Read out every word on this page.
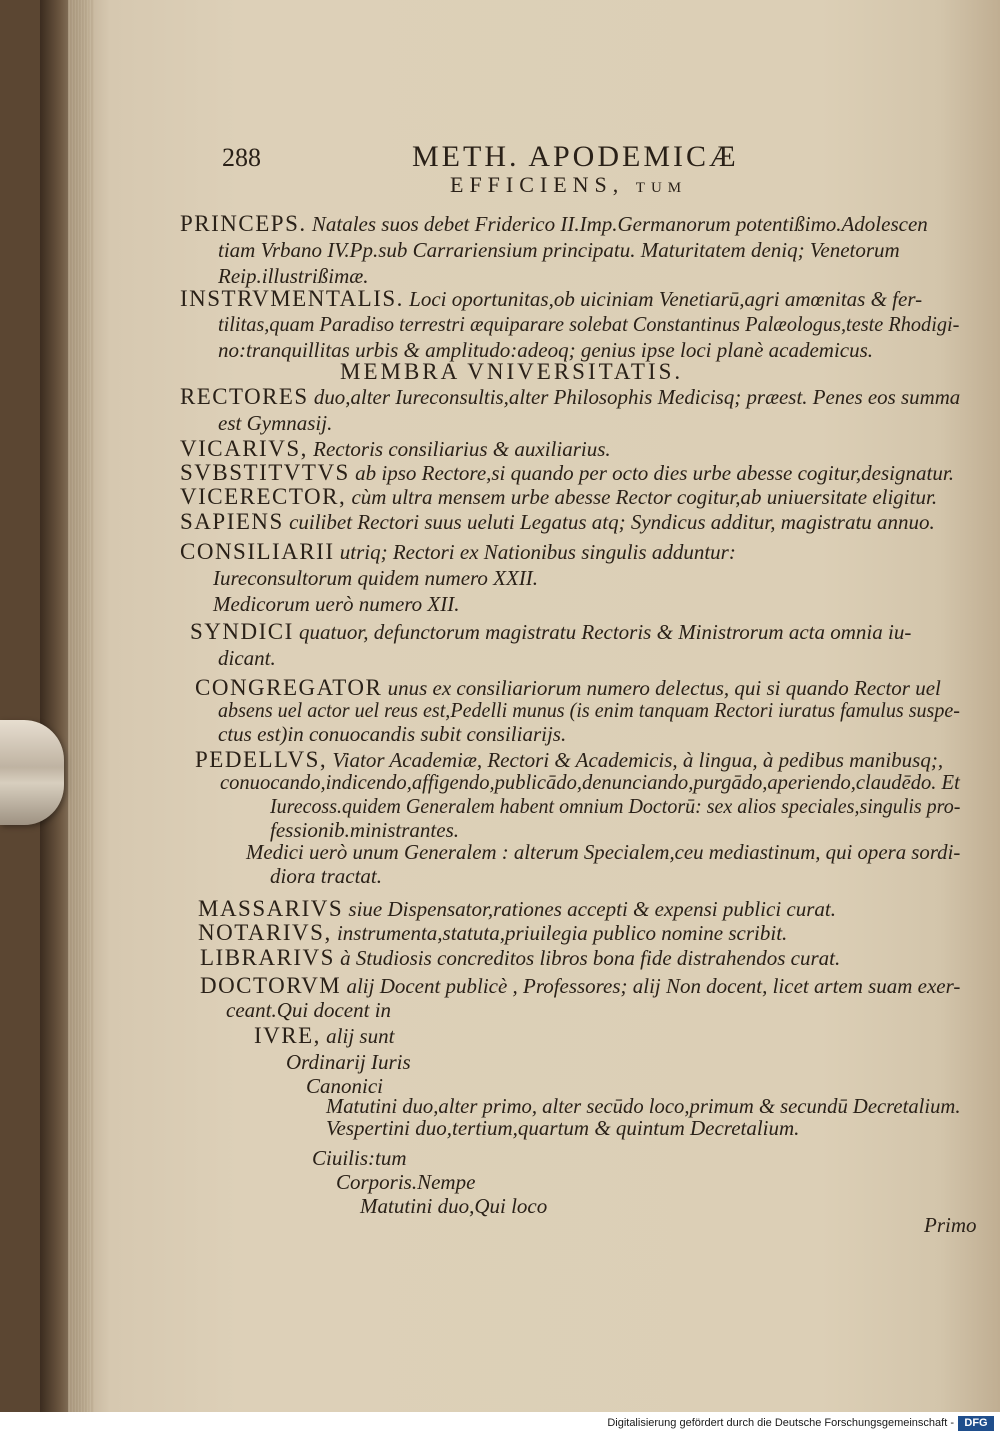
288	METH. APODEMICÆ
EFFICIENS, tum
Primo
PRINCEPS. Natales suos debet Friderico II.Imp.Germanorum potentißimo.Adolescen
tiam Vrbano IV.Pp.sub Carrariensium principatu. Maturitatem deniq; Venetorum
Reip.illustrißimæ.
INSTRVMENTALIS. Loci oportunitas,ob uiciniam Venetiarū,agri amœnitas & fer-
tilitas,quam Paradiso terrestri æquiparare solebat Constantinus Palæologus,teste Rhodigi-
no:tranquillitas urbis & amplitudo:adeoq; genius ipse loci planè academicus.
MEMBRA VNIVERSITATIS.
RECTORES duo,alter Iureconsultis,alter Philosophis Medicisq; præest. Penes eos summa
est Gymnasij.
VICARIVS, Rectoris consiliarius & auxiliarius.
SVBSTITVTVS ab ipso Rectore,si quando per octo dies urbe abesse cogitur,designatur.
VICERECTOR, cùm ultra mensem urbe abesse Rector cogitur,ab uniuersitate eligitur.
SAPIENS cuilibet Rectori suus ueluti Legatus atq; Syndicus additur, magistratu annuo.
CONSILIARII utriq; Rectori ex Nationibus singulis adduntur:
Iureconsultorum quidem numero XXII.
Medicorum uerò numero XII.
SYNDICI quatuor, defunctorum magistratu Rectoris & Ministrorum acta omnia iu-
dicant.
CONGREGATOR unus ex consiliariorum numero delectus, qui si quando Rector uel
absens uel actor uel reus est,Pedelli munus (is enim tanquam Rectori iuratus famulus suspe-
ctus est)in conuocandis subit consiliarijs.
PEDELLVS, Viator Academiæ, Rectori & Academicis, à lingua, à pedibus manibusq;,
conuocando,indicendo,affigendo,publicādo,denunciando,purgādo,aperiendo,claudēdo. Et
Iurecoss.quidem Generalem habent omnium Doctorū: sex alios speciales,singulis pro-
fessionib.ministrantes.
Medici uerò unum Generalem : alterum Specialem,ceu mediastinum, qui opera sordi-
diora tractat.
MASSARIVS siue Dispensator,rationes accepti & expensi publici curat.
NOTARIVS, instrumenta,statuta,priuilegia publico nomine scribit.
LIBRARIVS à Studiosis concreditos libros bona fide distrahendos curat.
DOCTORVM alij Docent publicè , Professores; alij Non docent, licet artem suam exer-
ceant.Qui docent in
IVRE, alij sunt
Ordinarij Iuris
Canonici
Matutini duo,alter primo, alter secūdo loco,primum & secundū Decretalium.
Vespertini duo,tertium,quartum & quintum Decretalium.
Ciuilis:tum
Corporis.Nempe
Matutini duo,Qui loco
Digitalisierung gefördert durch die Deutsche Forschungsgemeinschaft - DFG
